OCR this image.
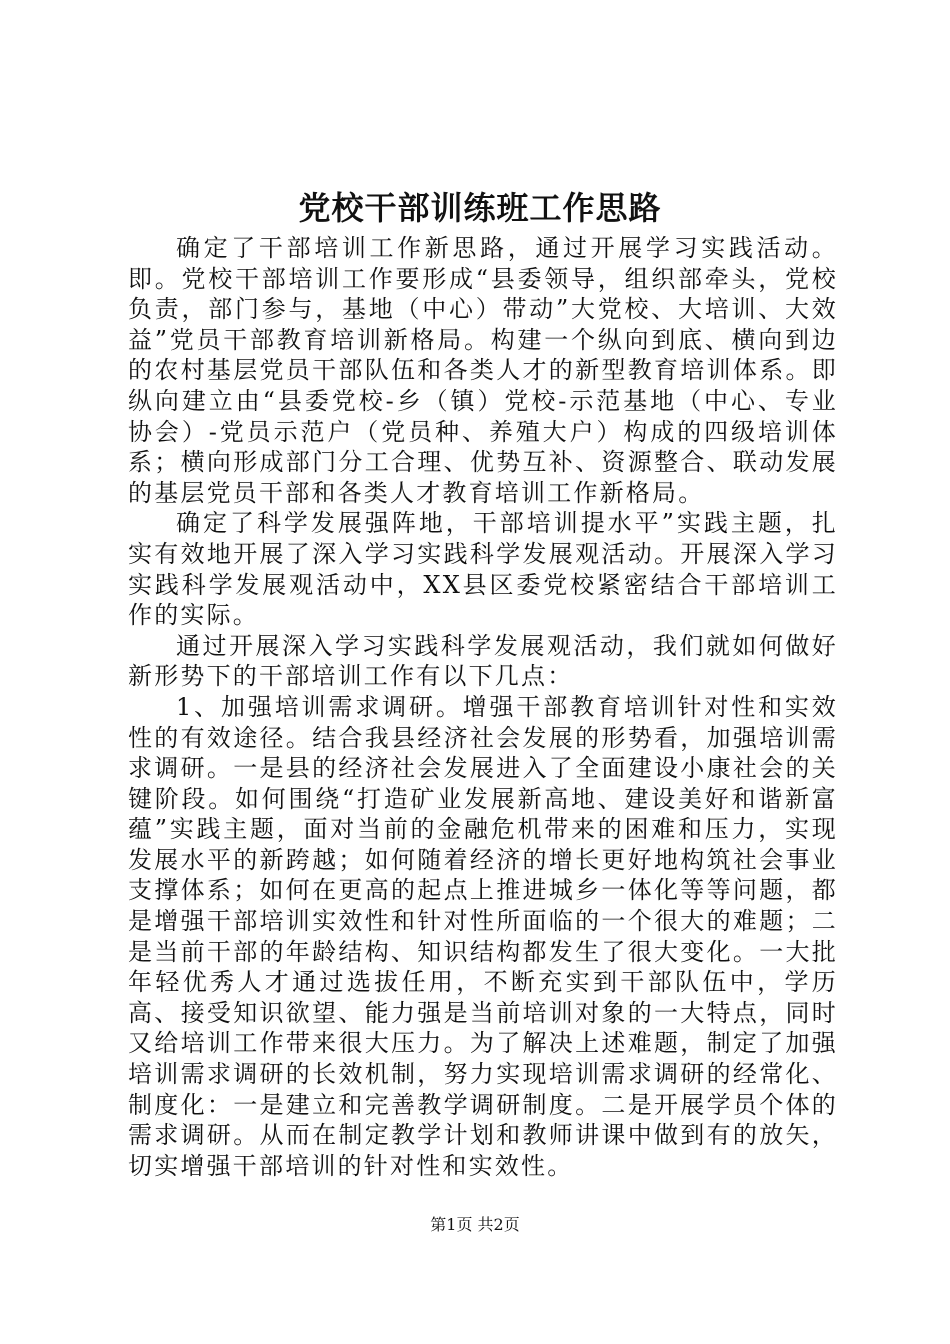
党校干部训练班工作思路

确定了干部培训工作新思路，通过开展学习实践活动。即。党校干部培训工作要形成“县委领导，组织部牵头，党校负责，部门参与，基地（中心）带动”大党校、大培训、大效益”党员干部教育培训新格局。构建一个纵向到底、横向到边的农村基层党员干部队伍和各类人才的新型教育培训体系。即纵向建立由“县委党校-乡（镇）党校-示范基地（中心、专业协会）-党员示范户（党员种、养殖大户）构成的四级培训体系；横向形成部门分工合理、优势互补、资源整合、联动发展的基层党员干部和各类人才教育培训工作新格局。

确定了科学发展强阵地，干部培训提水平”实践主题，扎实有效地开展了深入学习实践科学发展观活动。开展深入学习实践科学发展观活动中，XX县区委党校紧密结合干部培训工作的实际。

通过开展深入学习实践科学发展观活动，我们就如何做好新形势下的干部培训工作有以下几点：

1、加强培训需求调研。增强干部教育培训针对性和实效性的有效途径。结合我县经济社会发展的形势看，加强培训需求调研。一是县的经济社会发展进入了全面建设小康社会的关键阶段。如何围绕“打造矿业发展新高地、建设美好和谐新富蕴”实践主题，面对当前的金融危机带来的困难和压力，实现发展水平的新跨越；如何随着经济的增长更好地构筑社会事业支撑体系；如何在更高的起点上推进城乡一体化等等问题，都是增强干部培训实效性和针对性所面临的一个很大的难题；二是当前干部的年龄结构、知识结构都发生了很大变化。一大批年轻优秀人才通过选拔任用，不断充实到干部队伍中，学历高、接受知识欲望、能力强是当前培训对象的一大特点，同时又给培训工作带来很大压力。为了解决上述难题，制定了加强培训需求调研的长效机制，努力实现培训需求调研的经常化、制度化：一是建立和完善教学调研制度。二是开展学员个体的需求调研。从而在制定教学计划和教师讲课中做到有的放矢，切实增强干部培训的针对性和实效性。

第1页 共2页
